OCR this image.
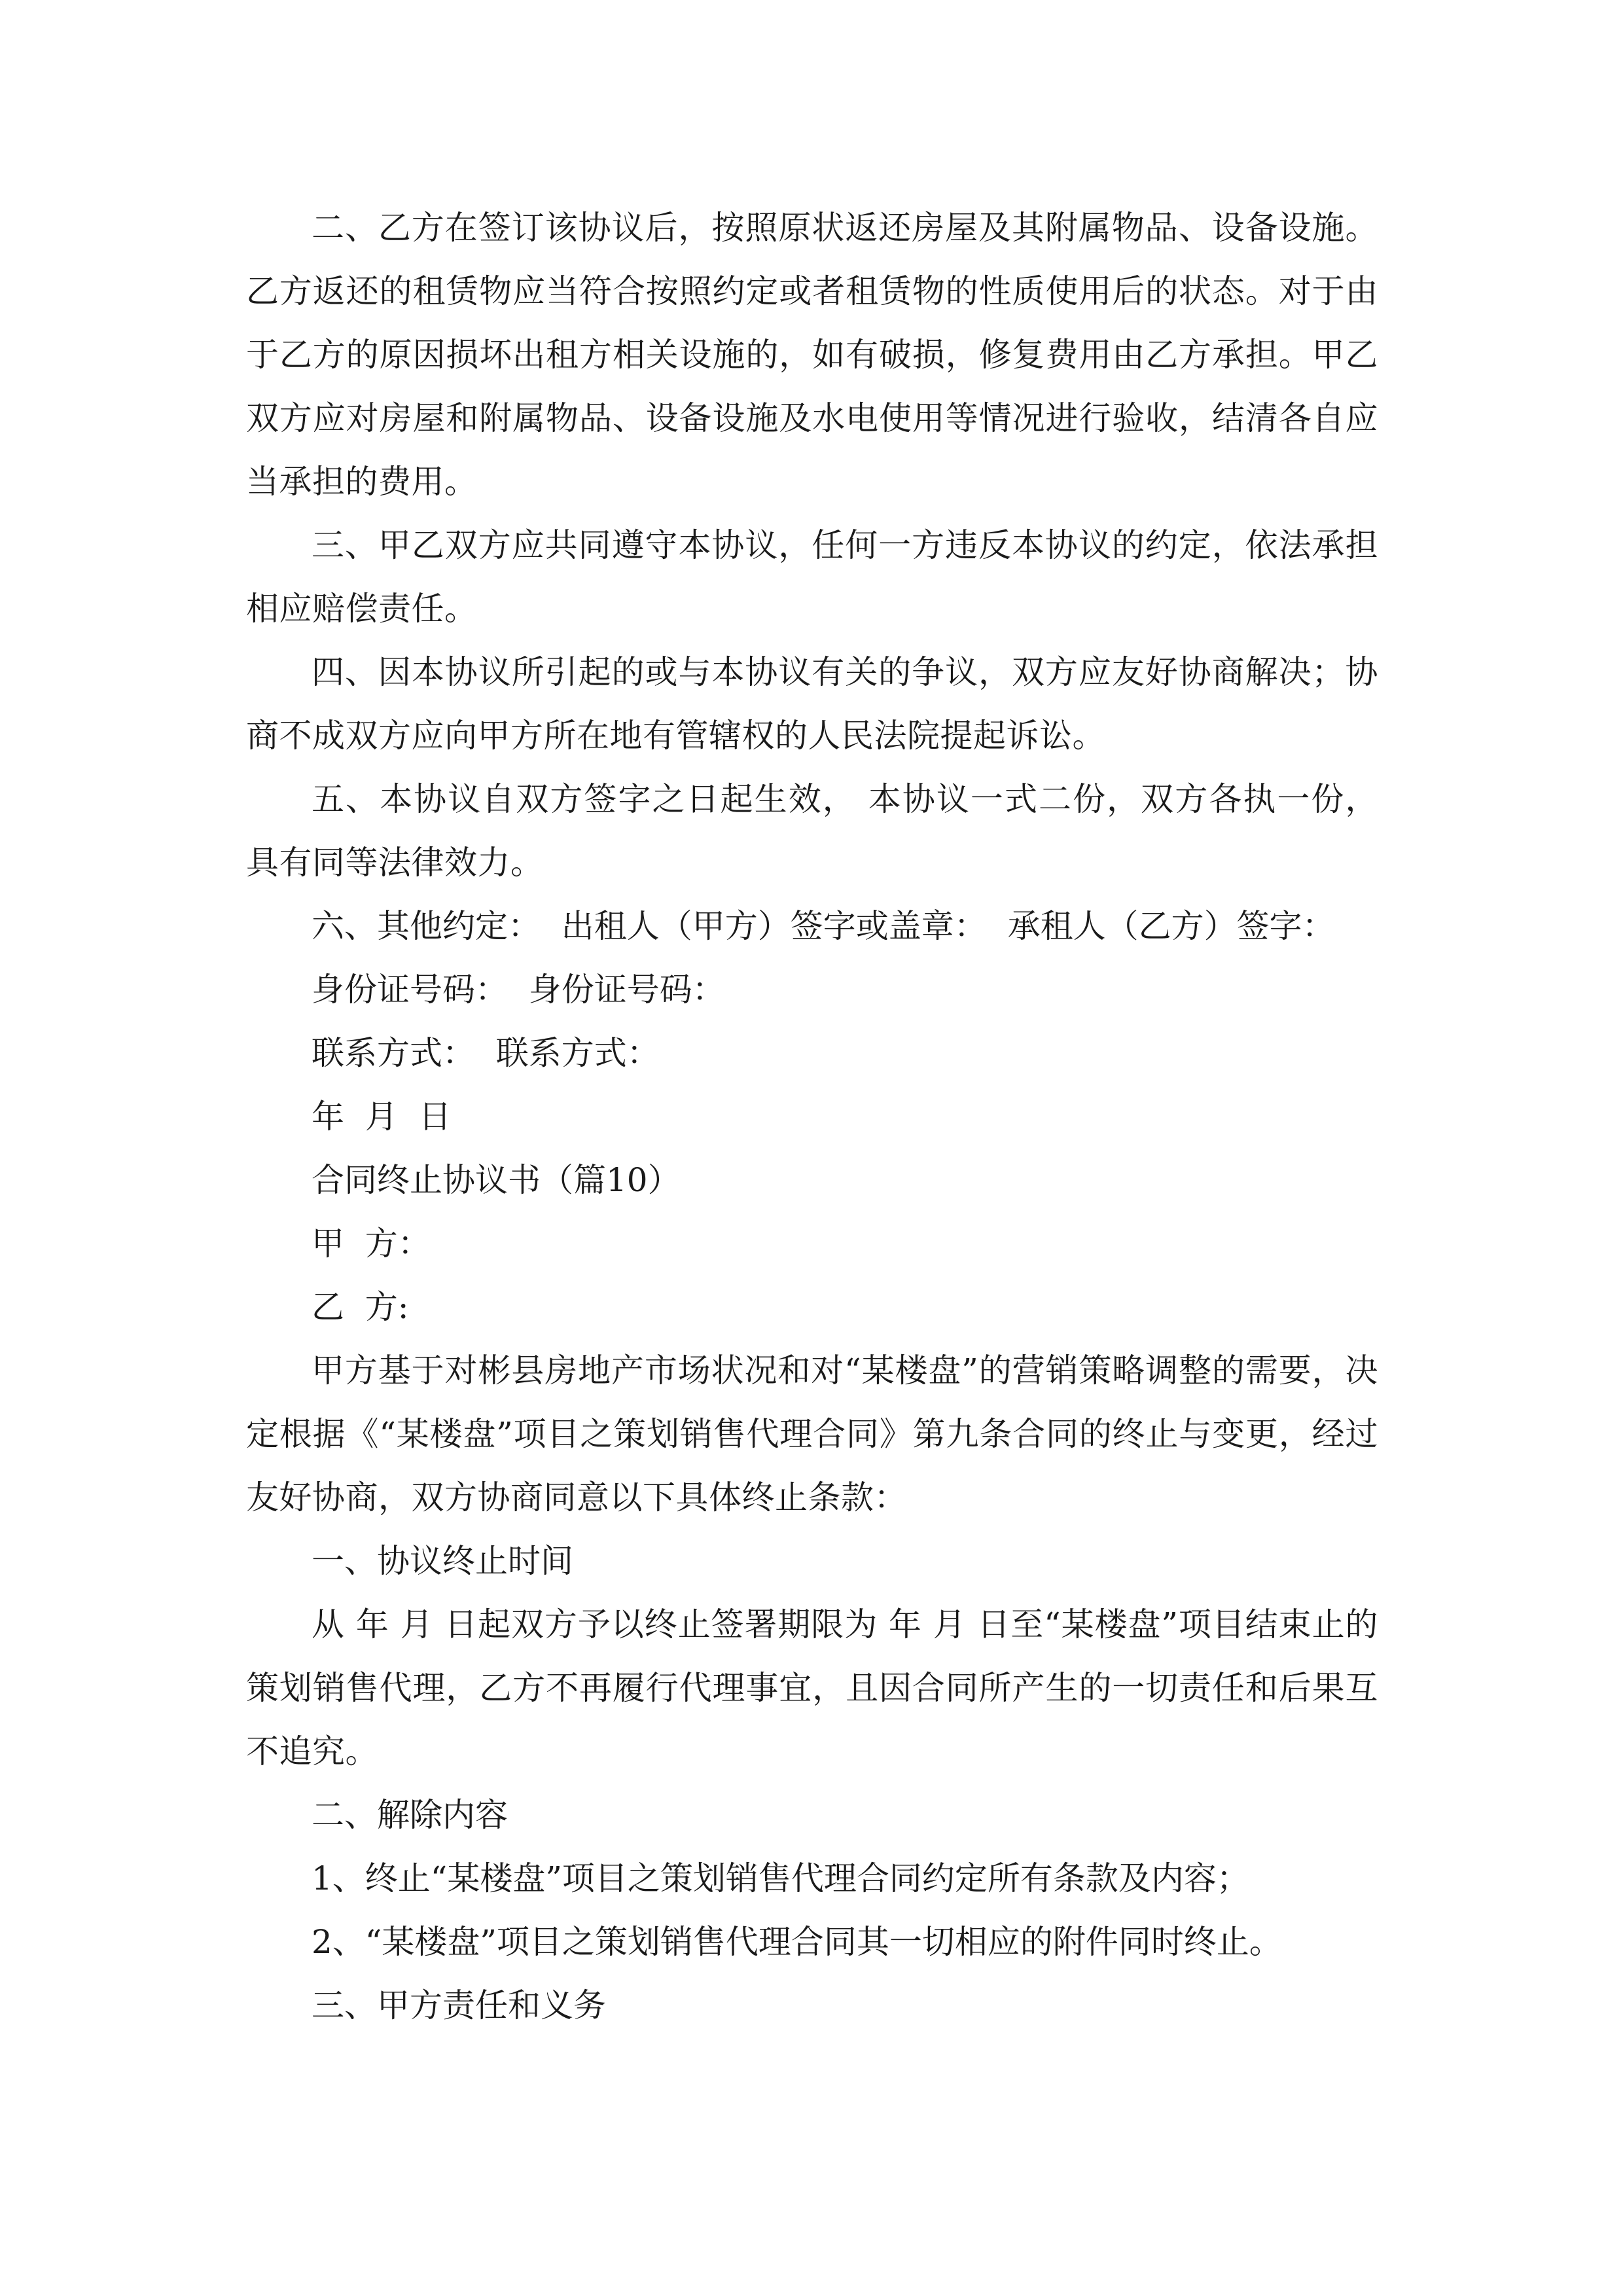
二、乙方在签订该协议后，按照原状返还房屋及其附属物品、设备设施。乙方返还的租赁物应当符合按照约定或者租赁物的性质使用后的状态。对于由于乙方的原因损坏出租方相关设施的，如有破损，修复费用由乙方承担。甲乙双方应对房屋和附属物品、设备设施及水电使用等情况进行验收，结清各自应当承担的费用。

三、甲乙双方应共同遵守本协议，任何一方违反本协议的约定，依法承担相应赔偿责任。

四、因本协议所引起的或与本协议有关的争议，双方应友好协商解决；协商不成双方应向甲方所在地有管辖权的人民法院提起诉讼。

五、本协议自双方签字之日起生效， 本协议一式二份，双方各执一份，具有同等法律效力。

六、其他约定：  出租人（甲方）签字或盖章：  承租人（乙方）签字：

身份证号码：  身份证号码：

联系方式：  联系方式：

年  月  日

合同终止协议书（篇10）

甲  方：

乙  方:

甲方基于对彬县房地产市场状况和对“某楼盘”的营销策略调整的需要，决定根据《“某楼盘”项目之策划销售代理合同》第九条合同的终止与变更，经过友好协商，双方协商同意以下具体终止条款：

一、协议终止时间

从 年 月 日起双方予以终止签署期限为 年 月 日至“某楼盘”项目结束止的策划销售代理，乙方不再履行代理事宜，且因合同所产生的一切责任和后果互不追究。

二、解除内容

1、终止“某楼盘”项目之策划销售代理合同约定所有条款及内容；

2、“某楼盘”项目之策划销售代理合同其一切相应的附件同时终止。

三、甲方责任和义务
